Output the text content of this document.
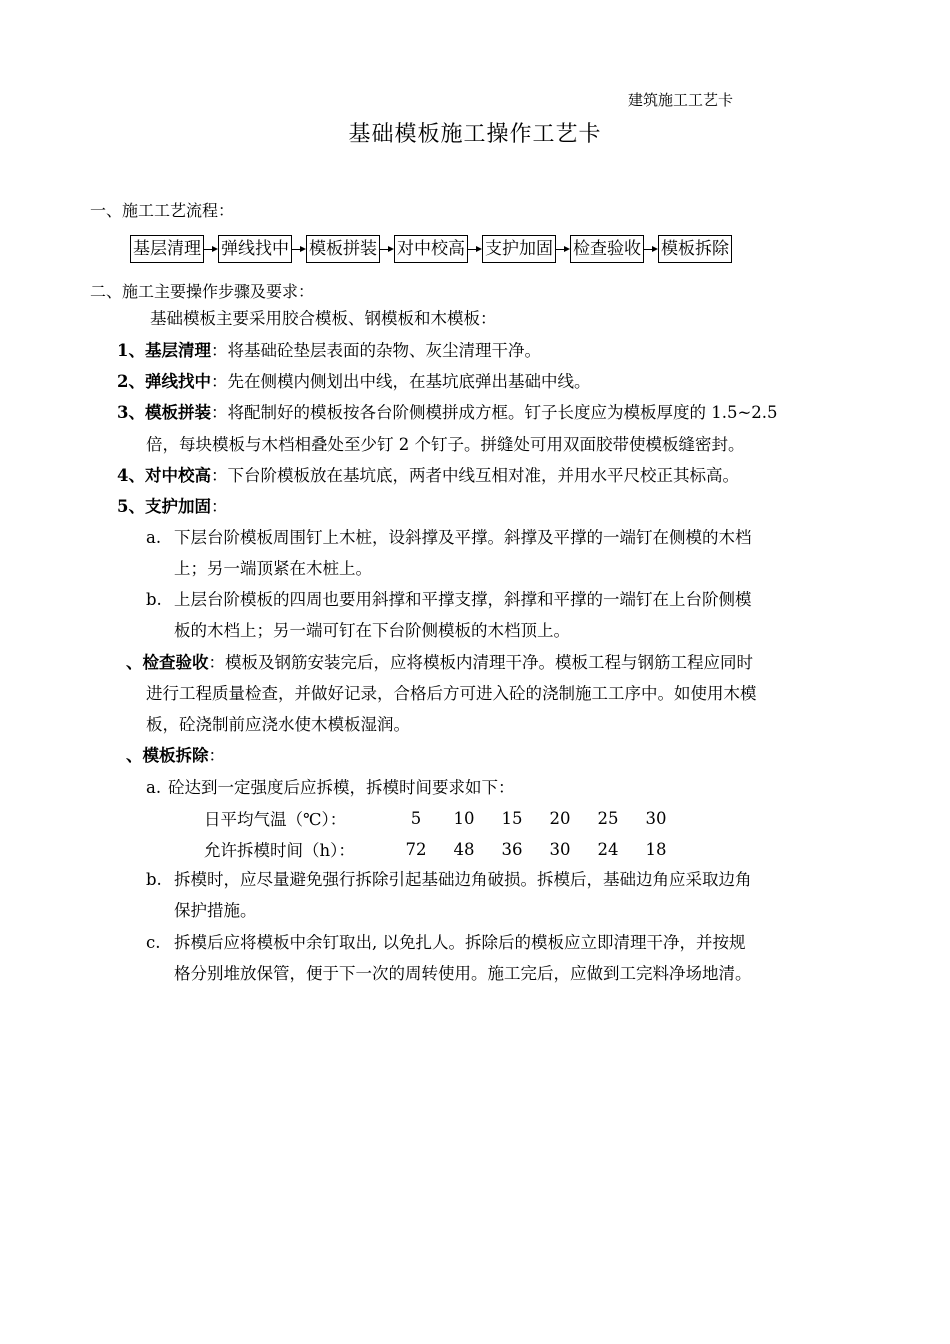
建筑施工工艺卡
基础模板施工操作工艺卡
一、施工工艺流程：
基层清理 弹线找中 模板拼装 对中校高 支护加固 检查验收 模板拆除
二、施工主要操作步骤及要求：
基础模板主要采用胶合模板、钢模板和木模板：
1、基层清理：将基础砼垫层表面的杂物、灰尘清理干净。
2、弹线找中：先在侧模内侧划出中线，在基坑底弹出基础中线。
3、模板拼装：将配制好的模板按各台阶侧模拼成方框。钉子长度应为模板厚度的 1.5~2.5
倍，每块模板与木档相叠处至少钉 2 个钉子。拼缝处可用双面胶带使模板缝密封。
4、对中校高：下台阶模板放在基坑底，两者中线互相对准，并用水平尺校正其标高。
5、支护加固：
a. 下层台阶模板周围钉上木桩，设斜撑及平撑。斜撑及平撑的一端钉在侧模的木档
上；另一端顶紧在木桩上。
b. 上层台阶模板的四周也要用斜撑和平撑支撑，斜撑和平撑的一端钉在上台阶侧模
板的木档上；另一端可钉在下台阶侧模板的木档顶上。
、检查验收：模板及钢筋安装完后，应将模板内清理干净。模板工程与钢筋工程应同时
进行工程质量检查，并做好记录，合格后方可进入砼的浇制施工工序中。如使用木模
板，砼浇制前应浇水使木模板湿润。
、模板拆除：
a. 砼达到一定强度后应拆模，拆模时间要求如下：
日平均气温（℃）：	5	10	15	20	25	30
允许拆模时间（h）：	72	48	36	30	24	18
b. 拆模时，应尽量避免强行拆除引起基础边角破损。拆模后，基础边角应采取边角
保护措施。
c. 拆模后应将模板中余钉取出, 以免扎人。拆除后的模板应立即清理干净，并按规
格分别堆放保管，便于下一次的周转使用。施工完后，应做到工完料净场地清。
